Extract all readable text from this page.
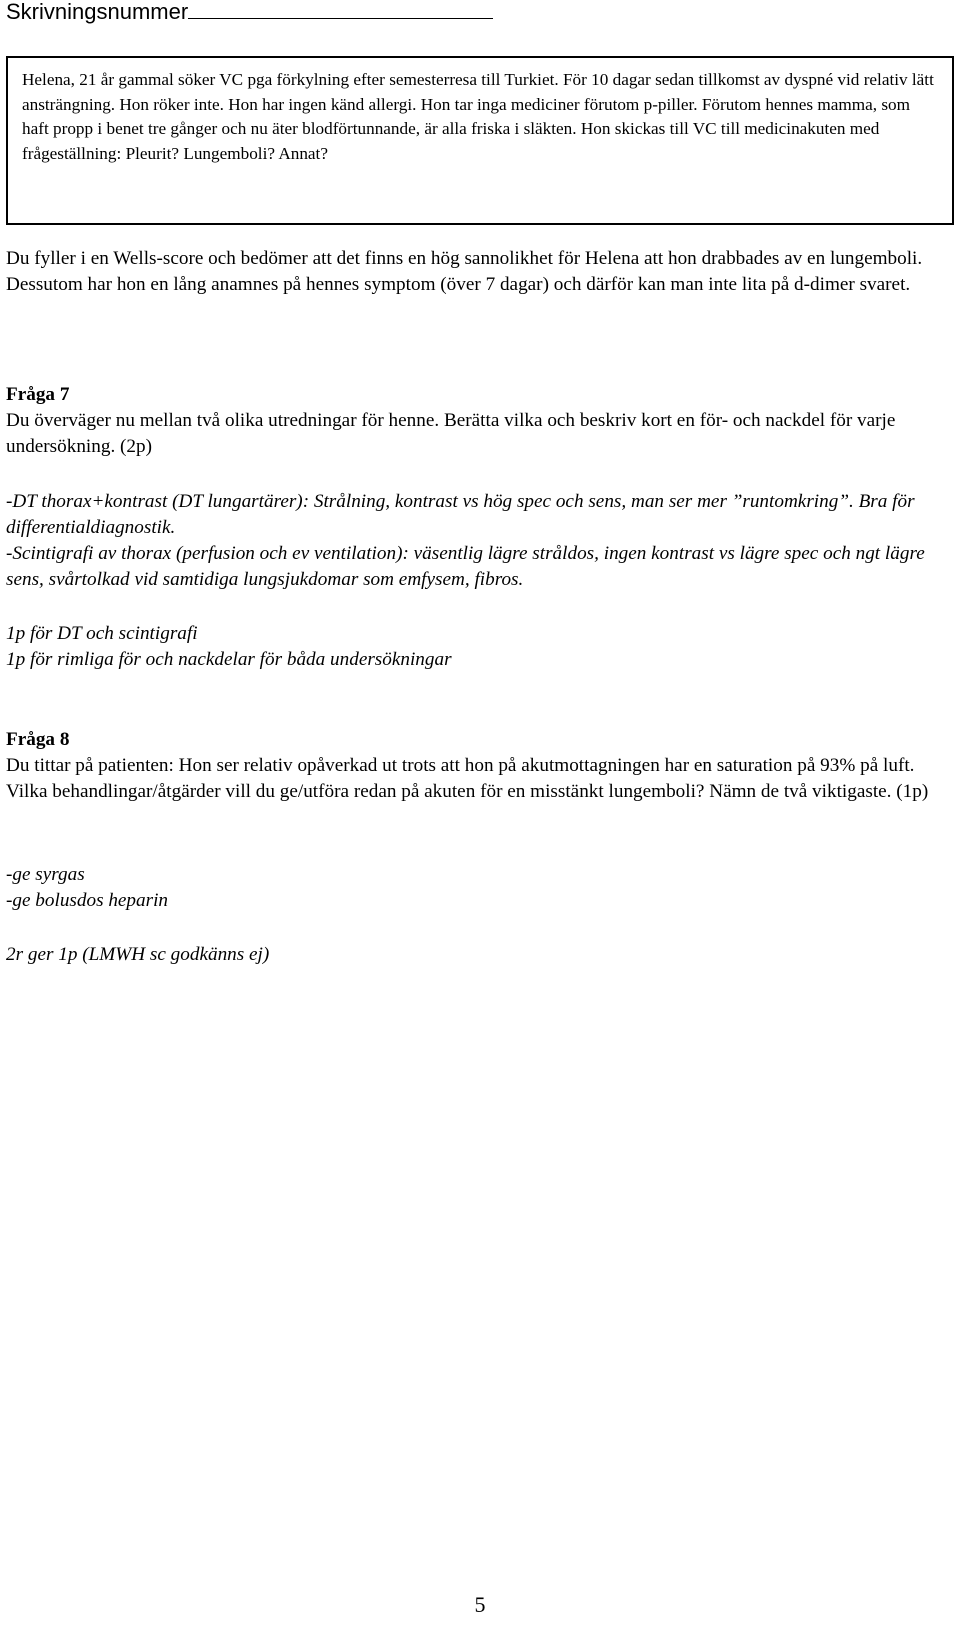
Skrivningsnummer

Helena, 21 år gammal söker VC pga förkylning efter semesterresa till Turkiet. För 10 dagar sedan tillkomst av dyspné vid relativ lätt ansträngning. Hon röker inte. Hon har ingen känd allergi. Hon tar inga mediciner förutom p-piller. Förutom hennes mamma, som haft propp i benet tre gånger och nu äter blodförtunnande, är alla friska i släkten. Hon skickas till VC till medicinakuten med frågeställning: Pleurit? Lungemboli? Annat?

Du fyller i en Wells-score och bedömer att det finns en hög sannolikhet för Helena att hon drabbades av en lungemboli. Dessutom har hon en lång anamnes på hennes symptom (över 7 dagar) och därför kan man inte lita på d-dimer svaret.

Fråga 7

Du överväger nu mellan två olika utredningar för henne. Berätta vilka och beskriv kort en för- och nackdel för varje undersökning. (2p)

-DT thorax+kontrast (DT lungartärer): Strålning, kontrast vs hög spec och sens, man ser mer ”runtomkring”. Bra för differentialdiagnostik.

-Scintigrafi av thorax (perfusion och ev ventilation): väsentlig lägre stråldos, ingen kontrast vs lägre spec och ngt lägre sens, svårtolkad vid samtidiga lungsjukdomar som emfysem, fibros.

1p för DT och scintigrafi

1p för rimliga för och nackdelar för båda undersökningar

Fråga 8

Du tittar på patienten: Hon ser relativ opåverkad ut trots att hon på akutmottagningen har en saturation på 93% på luft. Vilka behandlingar/åtgärder vill du ge/utföra redan på akuten för en misstänkt lungemboli? Nämn de två viktigaste. (1p)

-ge syrgas

-ge bolusdos heparin

2r ger 1p (LMWH sc godkänns ej)

5
